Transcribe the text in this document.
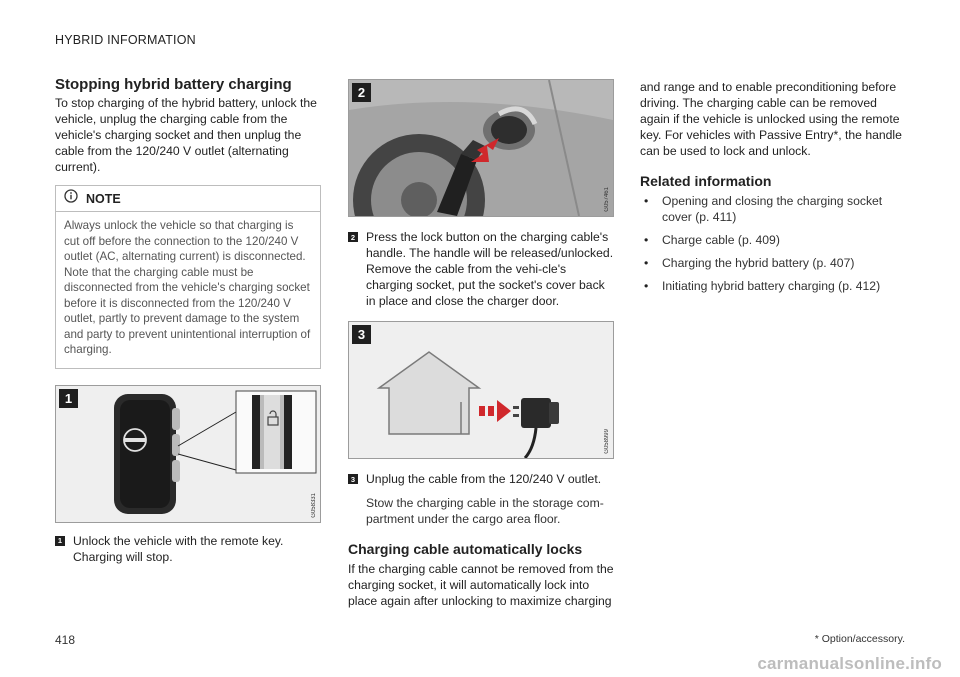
HYBRID INFORMATION
Stopping hybrid battery charging

To stop charging of the hybrid battery, unlock the vehicle, unplug the charging cable from the vehicle's charging socket and then unplug the cable from the 120/240 V outlet (alternating current).

NOTE
Always unlock the vehicle so that charging is cut off before the connection to the 120/240 V outlet (AC, alternating current) is disconnected. Note that the charging cable must be disconnected from the vehicle's charging socket before it is disconnected from the 120/240 V outlet, partly to prevent damage to the system and party to prevent unintentional interruption of charging.
1
G058331
1 Unlock the vehicle with the remote key. Charging will stop.
2
G057461
2 Press the lock button on the charging cable's handle. The handle will be released/unlocked. Remove the cable from the vehi-cle's charging socket, put the socket's cover back in place and close the charger door.
3
G058999
3 Unplug the cable from the 120/240 V outlet.
Stow the charging cable in the storage com-partment under the cargo area floor.
Charging cable automatically locks

If the charging cable cannot be removed from the charging socket, it will automatically lock into place again after unlocking to maximize charging

and range and to enable preconditioning before driving. The charging cable can be removed again if the vehicle is unlocked using the remote key. For vehicles with Passive Entry*, the handle can be used to lock and unlock.

Related information
• Opening and closing the charging socket cover (p. 411)
• Charge cable (p. 409)
• Charging the hybrid battery (p. 407)
• Initiating hybrid battery charging (p. 412)
418	* Option/accessory.
carmanualsonline.info
